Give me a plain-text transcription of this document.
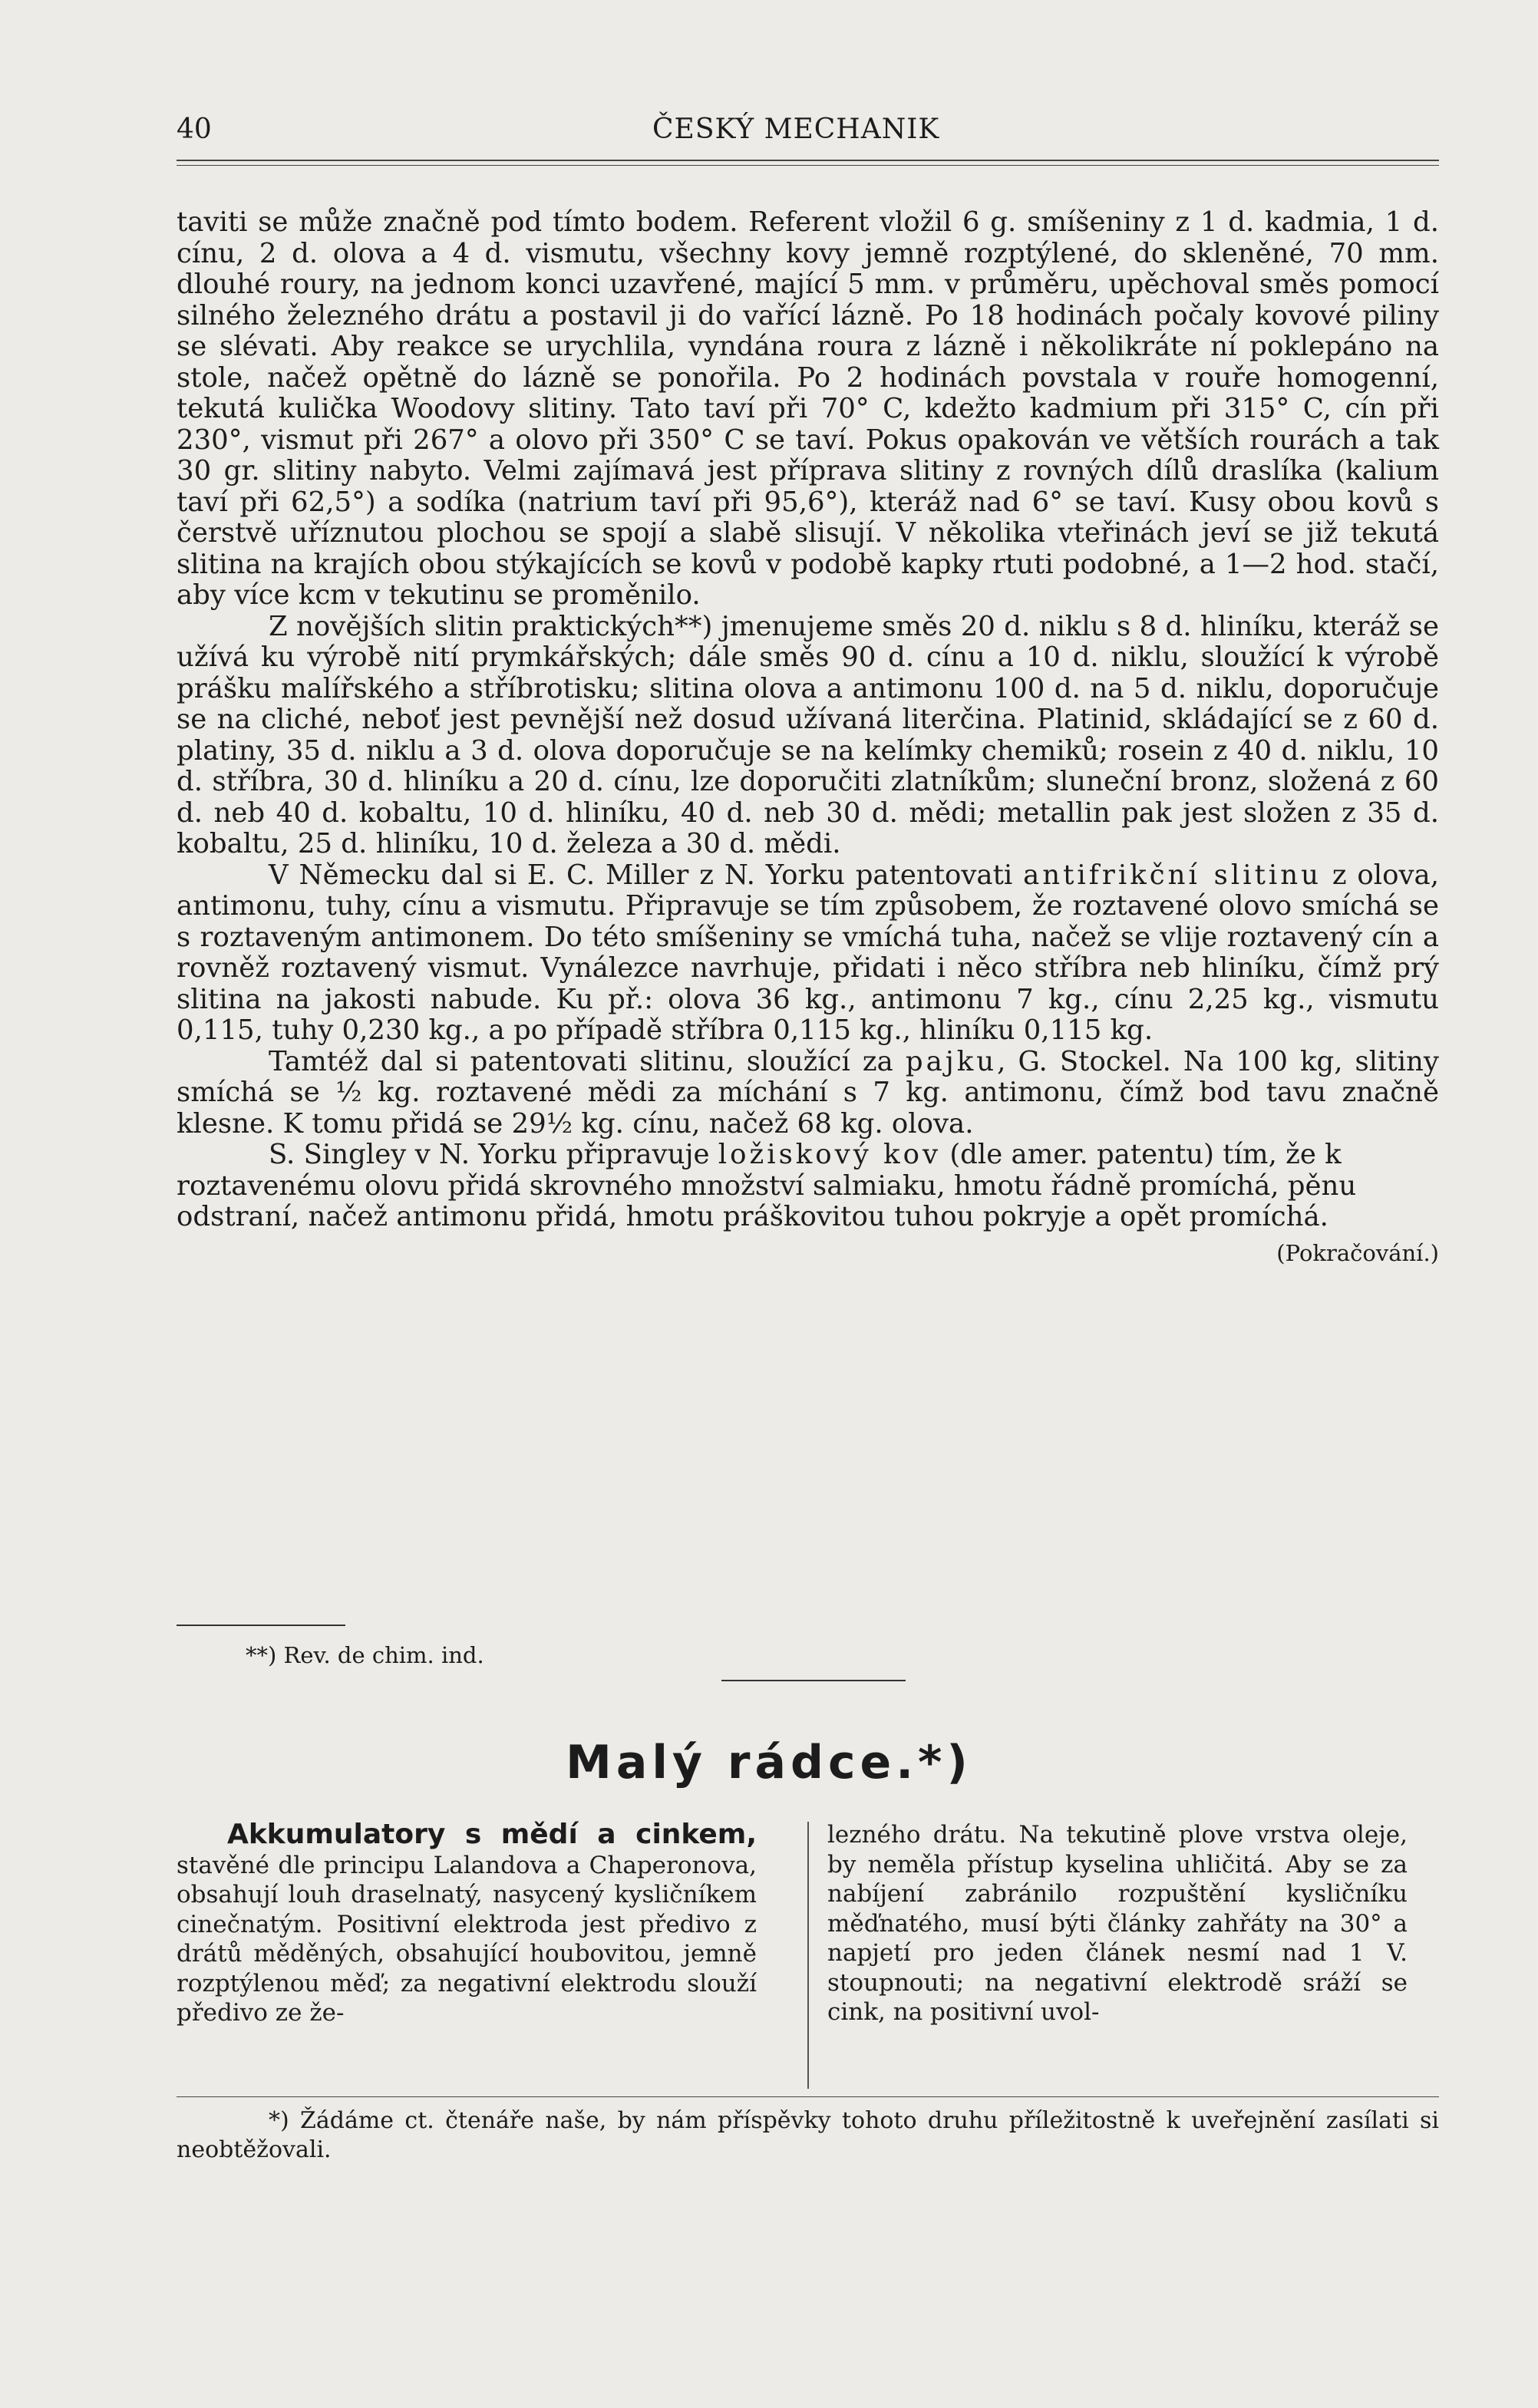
40	ČESKÝ MECHANIK

taviti se může značně pod tímto bodem. Referent vložil 6 g. smíšeniny z 1 d. kadmia, 1 d. cínu, 2 d. olova a 4 d. vismutu, všechny kovy jemně rozptýlené, do skleněné, 70 mm. dlouhé roury, na jednom konci uzavřené, mající 5 mm. v průměru, upěchoval směs pomocí silného železného drátu a postavil ji do vařící lázně. Po 18 hodinách počaly kovové piliny se slévati. Aby reakce se urychlila, vyndána roura z lázně i několikráte ní poklepáno na stole, načež opětně do lázně se ponořila. Po 2 hodinách povstala v rouře homogenní, tekutá kulička Woodovy slitiny. Tato taví při 70° C, kdežto kadmium při 315° C, cín při 230°, vismut při 267° a olovo při 350° C se taví. Pokus opakován ve větších rourách a tak 30 gr. slitiny nabyto. Velmi zajímavá jest příprava slitiny z rovných dílů draslíka (kalium taví při 62,5°) a sodíka (natrium taví při 95,6°), kteráž nad 6° se taví. Kusy obou kovů s čerstvě uříznutou plochou se spojí a slabě slisují. V několika vteřinách jeví se již tekutá slitina na krajích obou stýkajících se kovů v podobě kapky rtuti podobné, a 1—2 hod. stačí, aby více kcm v tekutinu se proměnilo.

Z novějších slitin praktických**) jmenujeme směs 20 d. niklu s 8 d. hliníku, kteráž se užívá ku výrobě nití prymkářských; dále směs 90 d. cínu a 10 d. niklu, sloužící k výrobě prášku malířského a stříbrotisku; slitina olova a antimonu 100 d. na 5 d. niklu, doporučuje se na cliché, neboť jest pevnější než dosud užívaná literčina. Platinid, skládající se z 60 d. platiny, 35 d. niklu a 3 d. olova doporučuje se na kelímky chemiků; rosein z 40 d. niklu, 10 d. stříbra, 30 d. hliníku a 20 d. cínu, lze doporučiti zlatníkům; sluneční bronz, složená z 60 d. neb 40 d. kobaltu, 10 d. hliníku, 40 d. neb 30 d. mědi; metallin pak jest složen z 35 d. kobaltu, 25 d. hliníku, 10 d. železa a 30 d. mědi.

V Německu dal si E. C. Miller z N. Yorku patentovati antifrikční slitinu z olova, antimonu, tuhy, cínu a vismutu. Připravuje se tím způsobem, že roztavené olovo smíchá se s roztaveným antimonem. Do této smíšeniny se vmíchá tuha, načež se vlije roztavený cín a rovněž roztavený vismut. Vynálezce navrhuje, přidati i něco stříbra neb hliníku, čímž prý slitina na jakosti nabude. Ku př.: olova 36 kg., antimonu 7 kg., cínu 2,25 kg., vismutu 0,115, tuhy 0,230 kg., a po případě stříbra 0,115 kg., hliníku 0,115 kg.

Tamtéž dal si patentovati slitinu, sloužící za pajku, G. Stockel. Na 100 kg, slitiny smíchá se ½ kg. roztavené mědi za míchání s 7 kg. antimonu, čímž bod tavu značně klesne. K tomu přidá se 29½ kg. cínu, načež 68 kg. olova.

S. Singley v N. Yorku připravuje ložiskový kov (dle amer. patentu) tím, že k roztavenému olovu přidá skrovného množství salmiaku, hmotu řádně promíchá, pěnu odstraní, načež antimonu přidá, hmotu práškovitou tuhou pokryje a opět promíchá.
(Pokračování.)

**) Rev. de chim. ind.
Malý rádce.*)

Akkumulatory s mědí a cinkem, stavěné dle principu Lalandova a Chaperonova, obsahují louh draselnatý, nasycený kysličníkem cinečnatým. Positivní elektroda jest předivo z drátů měděných, obsahující houbovitou, jemně rozptýlenou měď; za negativní elektrodu slouží předivo ze že-

lezného drátu. Na tekutině plove vrstva oleje, by neměla přístup kyselina uhličitá. Aby se za nabíjení zabránilo rozpuštění kysličníku měďnatého, musí býti články zahřáty na 30° a napjetí pro jeden článek nesmí nad 1 V. stoupnouti; na negativní elektrodě sráží se cink, na positivní uvol-

*) Žádáme ct. čtenáře naše, by nám příspěvky tohoto druhu příležitostně k uveřejnění zasílati si neobtěžovali.
